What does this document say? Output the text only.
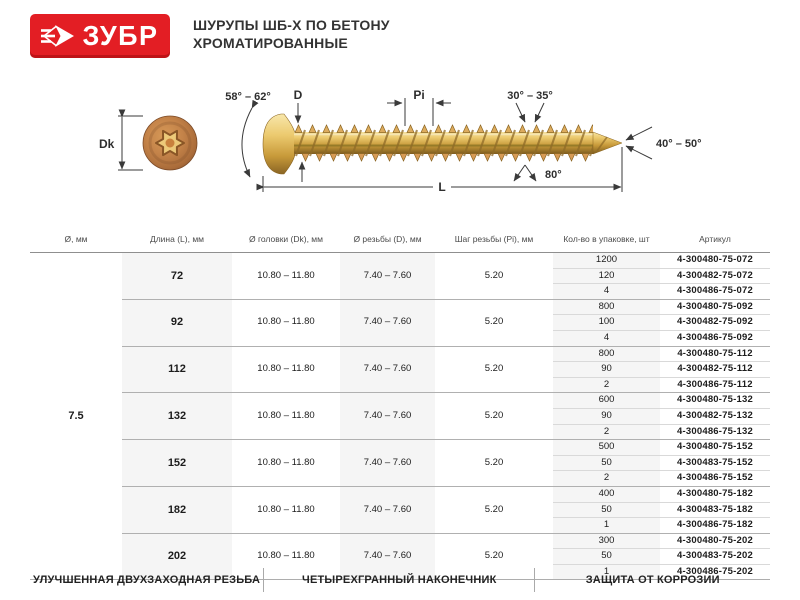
ЗУБР ШУРУПЫ ШБ-Х ПО БЕТОНУ
ХРОМАТИРОВАННЫЕ
Dk
58° – 62° D	Pi	30° – 35°
40° – 50°
80°
L
Ø, мм	Длина (L), мм	Ø головки (Dk), мм	Ø резьбы (D), мм	Шаг резьбы (Pi), мм	Кол-во в упаковке, шт	Артикул
7.5	72	10.80 – 11.80	7.40 – 7.60	5.20	1200	4-300480-75-072
					120	4-300482-75-072
					4	4-300486-75-072
	92	10.80 – 11.80	7.40 – 7.60	5.20	800	4-300480-75-092
					100	4-300482-75-092
					4	4-300486-75-092
	112	10.80 – 11.80	7.40 – 7.60	5.20	800	4-300480-75-112
					90	4-300482-75-112
					2	4-300486-75-112
	132	10.80 – 11.80	7.40 – 7.60	5.20	600	4-300480-75-132
					90	4-300482-75-132
					2	4-300486-75-132
	152	10.80 – 11.80	7.40 – 7.60	5.20	500	4-300480-75-152
					50	4-300483-75-152
					2	4-300486-75-152
	182	10.80 – 11.80	7.40 – 7.60	5.20	400	4-300480-75-182
					50	4-300483-75-182
					1	4-300486-75-182
	202	10.80 – 11.80	7.40 – 7.60	5.20	300	4-300480-75-202
					50	4-300483-75-202
					1	4-300486-75-202
УЛУЧШЕННАЯ ДВУХЗАХОДНАЯ РЕЗЬБА	ЧЕТЫРЕХГРАННЫЙ НАКОНЕЧНИК	ЗАЩИТА ОТ КОРРОЗИИ
